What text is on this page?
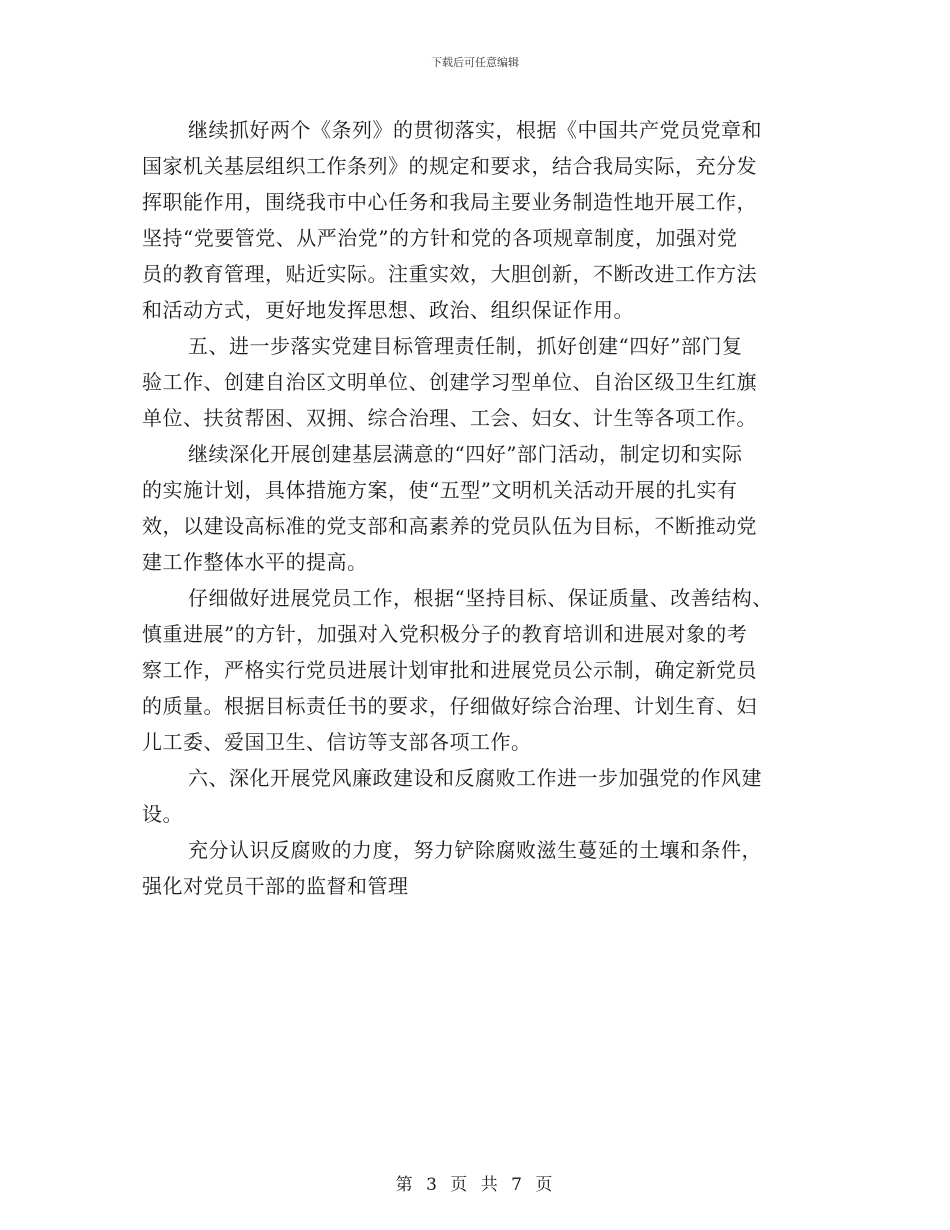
下载后可任意编辑
继续抓好两个《条列》的贯彻落实，根据《中国共产党员党章和
国家机关基层组织工作条列》的规定和要求，结合我局实际，充分发
挥职能作用，围绕我市中心任务和我局主要业务制造性地开展工作，
坚持“党要管党、从严治党”的方针和党的各项规章制度，加强对党
员的教育管理，贴近实际。注重实效，大胆创新，不断改进工作方法
和活动方式，更好地发挥思想、政治、组织保证作用。
五、进一步落实党建目标管理责任制，抓好创建“四好”部门复
验工作、创建自治区文明单位、创建学习型单位、自治区级卫生红旗
单位、扶贫帮困、双拥、综合治理、工会、妇女、计生等各项工作。
继续深化开展创建基层满意的“四好”部门活动，制定切和实际
的实施计划，具体措施方案，使“五型”文明机关活动开展的扎实有
效，以建设高标准的党支部和高素养的党员队伍为目标，不断推动党
建工作整体水平的提高。
仔细做好进展党员工作，根据“坚持目标、保证质量、改善结构、
慎重进展”的方针，加强对入党积极分子的教育培训和进展对象的考
察工作，严格实行党员进展计划审批和进展党员公示制，确定新党员
的质量。根据目标责任书的要求，仔细做好综合治理、计划生育、妇
儿工委、爱国卫生、信访等支部各项工作。
六、深化开展党风廉政建设和反腐败工作进一步加强党的作风建
设。
充分认识反腐败的力度，努力铲除腐败滋生蔓延的土壤和条件，
强化对党员干部的监督和管理
第 3 页 共 7 页
